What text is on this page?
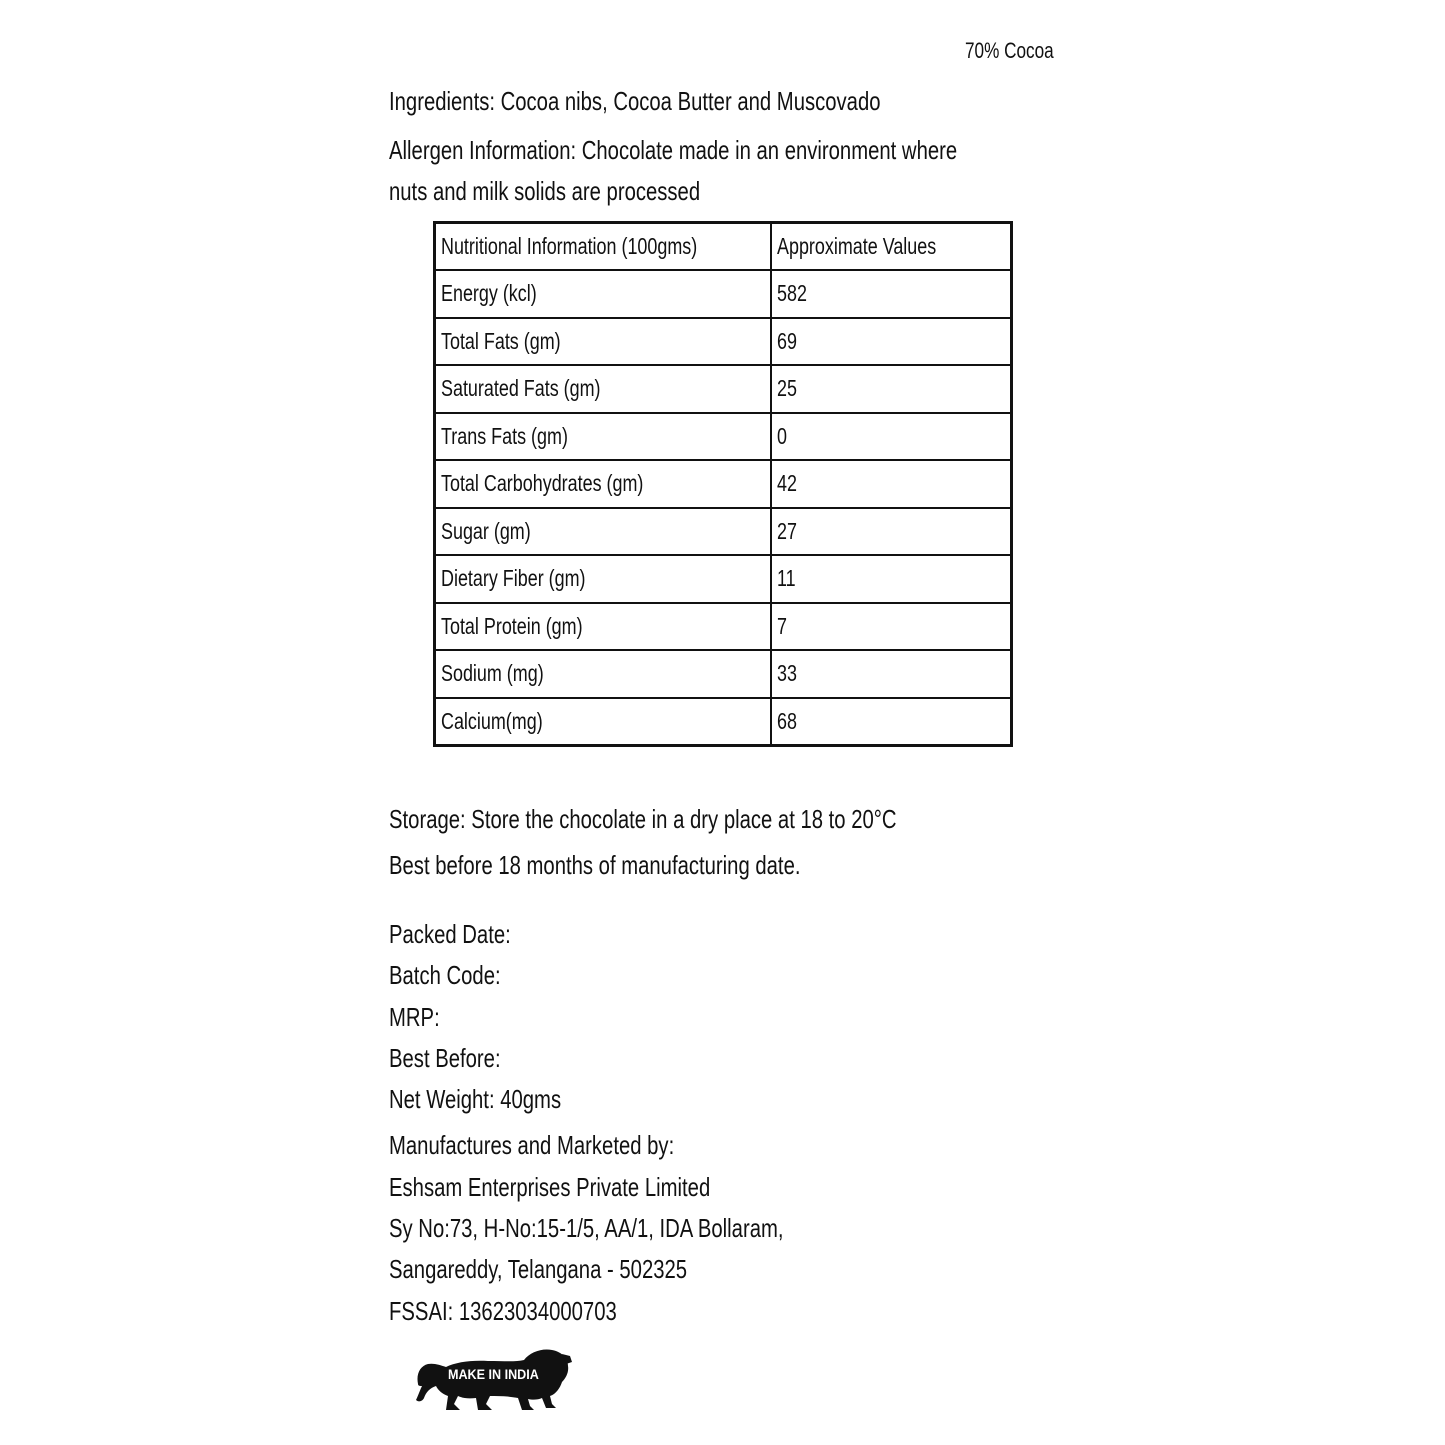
70% Cocoa

Ingredients: Cocoa nibs, Cocoa Butter and Muscovado

Allergen Information: Chocolate made in an environment where

nuts and milk solids are processed

Nutritional Information (100gms)	Approximate Values
Energy (kcl)	582
Total Fats (gm)	69
Saturated Fats (gm)	25
Trans Fats (gm)	0
Total Carbohydrates (gm)	42
Sugar (gm)	27
Dietary Fiber (gm)	11
Total Protein (gm)	7
Sodium (mg)	33
Calcium(mg)	68

Storage: Store the chocolate in a dry place at 18 to 20°C

Best before 18 months of manufacturing date.

Packed Date:

Batch Code:

MRP:

Best Before:

Net Weight: 40gms

Manufactures and Marketed by:

Eshsam Enterprises Private Limited

Sy No:73, H-No:15-1/5, AA/1, IDA Bollaram,

Sangareddy, Telangana - 502325

FSSAI: 13623034000703

MAKE IN INDIA
